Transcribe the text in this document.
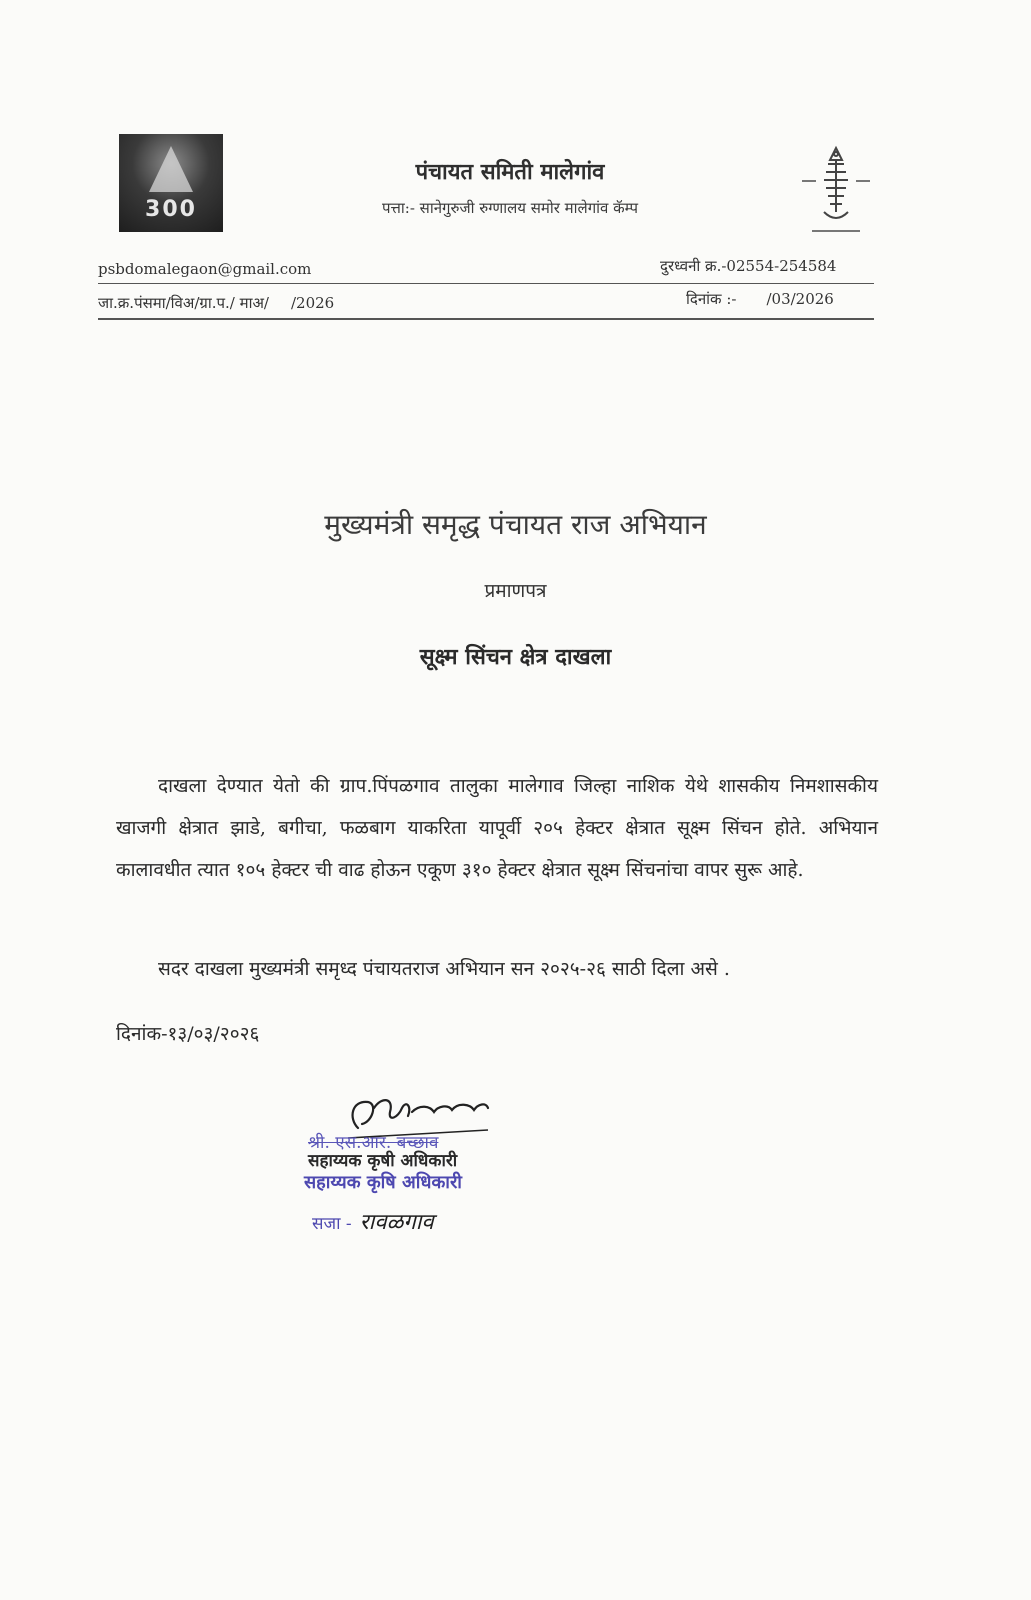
300
पंचायत समिती मालेगांव
पत्ता:- सानेगुरुजी रुग्णालय समोर मालेगांव कॅम्प
psbdomalegaon@gmail.com	दुरध्वनी क्र.-02554-254584
जा.क्र.पंसमा/विअ/ग्रा.प./ माअ/ /2026	दिनांक :- /03/2026
मुख्यमंत्री समृद्ध पंचायत राज अभियान
प्रमाणपत्र
सूक्ष्म सिंचन क्षेत्र दाखला
दाखला देण्यात येतो की ग्राप.पिंपळगाव तालुका मालेगाव जिल्हा नाशिक येथे शासकीय निमशासकीय खाजगी क्षेत्रात झाडे, बगीचा, फळबाग याकरिता यापूर्वी २०५ हेक्टर क्षेत्रात सूक्ष्म सिंचन होते. अभियान कालावधीत त्यात १०५ हेक्टर ची वाढ होऊन एकूण ३१० हेक्टर क्षेत्रात सूक्ष्म सिंचनांचा वापर सुरू आहे.
सदर दाखला मुख्यमंत्री समृध्द पंचायतराज अभियान सन २०२५-२६ साठी दिला असे .
दिनांक-१३/०३/२०२६
श्री. एस.आर. बच्छाव
सहाय्यक कृषी अधिकारी
सहाय्यक कृषि अधिकारी
सजा - रावळगाव
